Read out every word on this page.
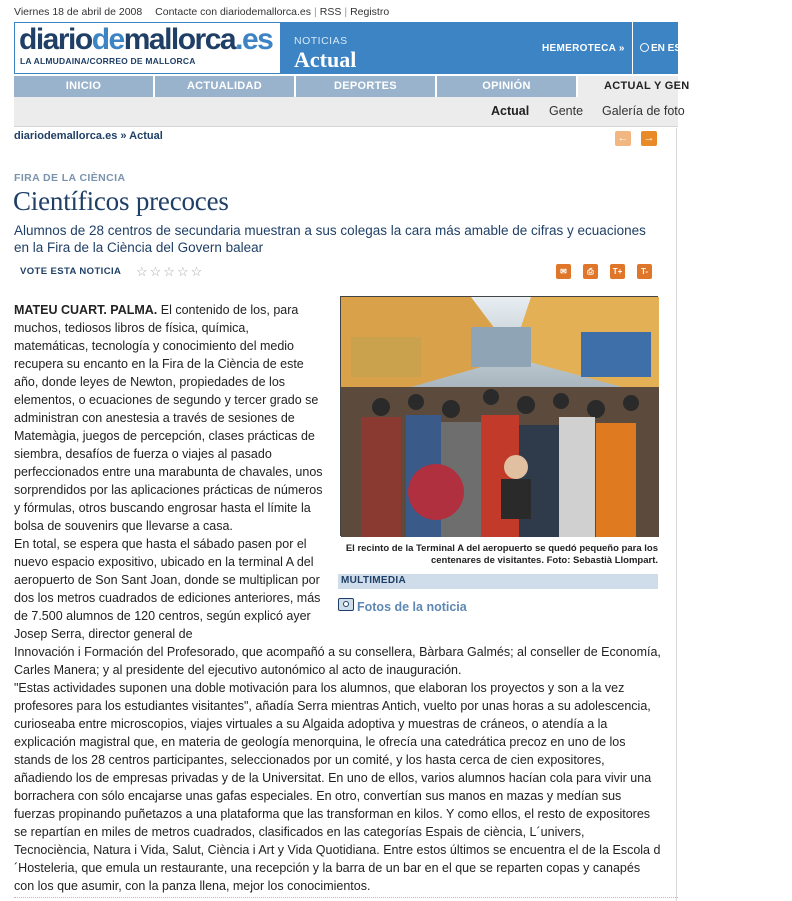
Viernes 18 de abril de 2008 Contacte con diariodemallorca.es | RSS | Registro
diariodemallorca.es
LA ALMUDAINA/CORREO DE MALLORCA
NOTICIAS
Actual	HEMEROTECA »	EN ES
INICIO	ACTUALIDAD	DEPORTES	OPINIÓN	ACTUAL Y GEN
Actual Gente Galería de foto
diariodemallorca.es » Actual	← →
FIRA DE LA CIÈNCIA
Científicos precoces
Alumnos de 28 centros de secundaria muestran a sus colegas la cara más amable de cifras y ecuaciones en la Fira de la Ciència del Govern balear
VOTE ESTA NOTICIA ☆☆☆☆☆	✉	⎙	T+	T-
El recinto de la Terminal A del aeropuerto se quedó pequeño para los centenares de visitantes. Foto: Sebastià Llompart.
MULTIMEDIA
Fotos de la noticia

MATEU CUART. PALMA. El contenido de los, para muchos, tediosos libros de física, química, matemáticas, tecnología y conocimiento del medio recupera su encanto en la Fira de la Ciència de este año, donde leyes de Newton, propiedades de los elementos, o ecuaciones de segundo y tercer grado se administran con anestesia a través de sesiones de Matemàgia, juegos de percepción, clases prácticas de siembra, desafíos de fuerza o viajes al pasado perfeccionados entre una marabunta de chavales, unos sorprendidos por las aplicaciones prácticas de números y fórmulas, otros buscando engrosar hasta el límite la bolsa de souvenirs que llevarse a casa.

En total, se espera que hasta el sábado pasen por el nuevo espacio expositivo, ubicado en la terminal A del aeropuerto de Son Sant Joan, donde se multiplican por dos los metros cuadrados de ediciones anteriores, más de 7.500 alumnos de 120 centros, según explicó ayer Josep Serra, director general de

Innovación i Formación del Profesorado, que acompañó a su consellera, Bàrbara Galmés; al conseller de Economía, Carles Manera; y al presidente del ejecutivo autonómico al acto de inauguración.

"Estas actividades suponen una doble motivación para los alumnos, que elaboran los proyectos y son a la vez profesores para los estudiantes visitantes", añadía Serra mientras Antich, vuelto por unas horas a su adolescencia, curioseaba entre microscopios, viajes virtuales a su Algaida adoptiva y muestras de cráneos, o atendía a la explicación magistral que, en materia de geología menorquina, le ofrecía una catedrática precoz en uno de los stands de los 28 centros participantes, seleccionados por un comité, y los hasta cerca de cien expositores, añadiendo los de empresas privadas y de la Universitat. En uno de ellos, varios alumnos hacían cola para vivir una borrachera con sólo encajarse unas gafas especiales. En otro, convertían sus manos en mazas y medían sus fuerzas propinando puñetazos a una plataforma que las transforman en kilos. Y como ellos, el resto de expositores se repartían en miles de metros cuadrados, clasificados en las categorías Espais de ciència, L´univers, Tecnociència, Natura i Vida, Salut, Ciència i Art y Vida Quotidiana. Entre estos últimos se encuentra el de la Escola d´Hosteleria, que emula un restaurante, una recepción y la barra de un bar en el que se reparten copas y canapés con los que asumir, con la panza llena, mejor los conocimientos.
